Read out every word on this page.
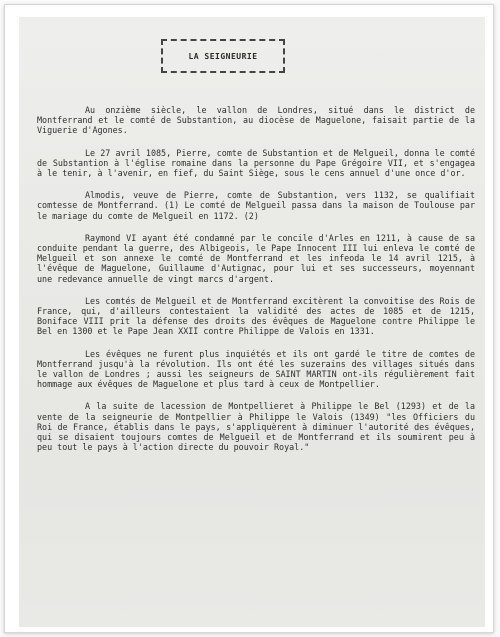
LA SEIGNEURIE

Au onzième siècle, le vallon de Londres, situé dans le district de Montferrand et le comté de Substantion, au diocèse de Maguelone, faisait partie de la Viguerie d'Agones.

Le 27 avril 1085, Pierre, comte de Substantion et de Melgueil, donna le comté de Substantion à l'église romaine dans la personne du Pape Grégoire VII, et s'engagea à le tenir, à l'avenir, en fief, du Saint Siège, sous le cens annuel d'une once d'or.

Almodis, veuve de Pierre, comte de Substantion, vers 1132, se qualifiait comtesse de Montferrand. (1) Le comté de Melgueil passa dans la maison de Toulouse par le mariage du comte de Melgueil en 1172. (2)

Raymond VI ayant été condamné par le concile d'Arles en 1211, à cause de sa conduite pendant la guerre, des Albigeois, le Pape Innocent III lui enleva le comté de Melgueil et son annexe le comté de Montferrand et les infeoda le 14 avril 1215, à l'évêque de Maguelone, Guillaume d'Autignac, pour lui et ses successeurs, moyennant une redevance annuelle de vingt marcs d'argent.

Les comtés de Melgueil et de Montferrand excitèrent la convoitise des Rois de France, qui, d'ailleurs contestaient la validité des actes de 1085 et de 1215, Boniface VIII prit la défense des droits des évêques de Maguelone contre Philippe le Bel en 1300 et le Pape Jean XXII contre Philippe de Valois en 1331.

Les évêques ne furent plus inquiétés et ils ont gardé le titre de comtes de Montferrand jusqu'à la révolution. Ils ont été les suzerains des villages situés dans le vallon de Londres ; aussi les seigneurs de SAINT MARTIN ont-ils régulièrement fait hommage aux évêques de Maguelone et plus tard à ceux de Montpellier.

A la suite de lacession de Montpellieret à Philippe le Bel (1293) et de la vente de la seigneurie de Montpellier à Philippe le Valois (1349) "les Officiers du Roi de France, établis dans le pays, s'appliquèrent à diminuer l'autorité des évêques, qui se disaient toujours comtes de Melgueil et de Montferrand et ils soumirent peu à peu tout le pays à l'action directe du pouvoir Royal."
